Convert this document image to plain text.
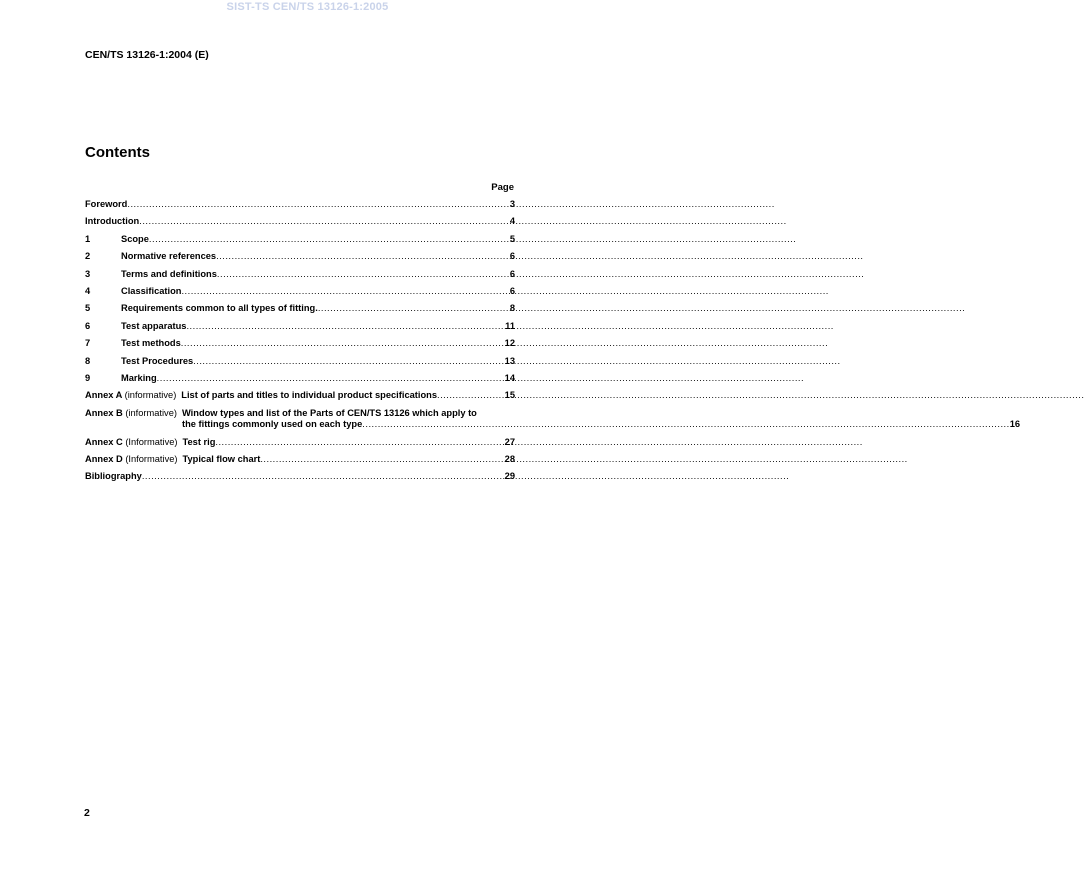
SIST-TS CEN/TS 13126-1:2005
CEN/TS 13126-1:2004 (E)
Contents
Page
Foreword .....	3
Introduction .....	4
1	Scope .....	5
2	Normative references .....	6
3	Terms and definitions .....	6
4	Classification .....	6
5	Requirements common to all types of fitting. .....	8
6	Test apparatus .....	11
7	Test methods .....	12
8	Test Procedures .....	13
9	Marking .....	14
Annex A (informative) List of parts and titles to individual product specifications .....	15
Annex B (informative) Window types and list of the Parts of CEN/TS 13126 which apply to
the fittings commonly used on each type .....	16
Annex C (Informative) Test rig .....	27
Annex D (Informative) Typical flow chart .....	28
Bibliography .....	29
2
